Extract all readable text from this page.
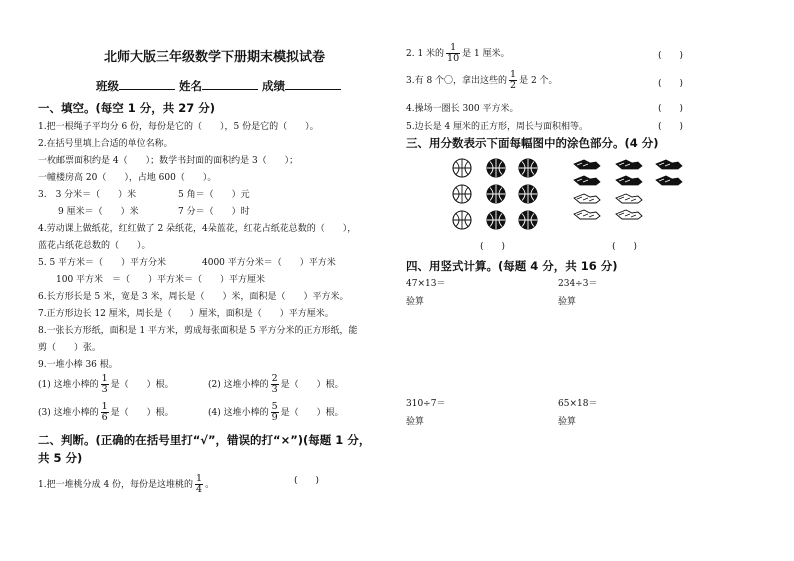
北师大版三年级数学下册期末模拟试卷
班级	姓名	成绩
一、填空。(每空 1 分，共 27 分)
1.把一根绳子平均分 6 份，每份是它的（　　），5 份是它的（　　）。
2.在括号里填上合适的单位名称。
一枚邮票面积约是 4（　　）；数学书封面的面积约是 3（　　）；
一幢楼房高 20（　　），占地 600（　　）。
3.　3 分米＝（　　）米	5 角＝（　　）元
9 厘米＝（　　）米	7 分＝（　　）时
4.劳动课上做纸花，红红做了 2 朵纸花，4朵蓝花，红花占纸花总数的（　　），
蓝花占纸花总数的（　　）。
5. 5 平方米＝（　　）平方分米	4000 平方分米＝（　　）平方米
100 平方米　＝（　　）平方米＝（　　）平方厘米
6.长方形长是 5 米，宽是 3 米，周长是（　　）米，面积是（　　）平方米。
7.正方形边长 12 厘米，周长是（　　）厘米，面积是（　　）平方厘米。
8.一张长方形纸，面积是 1 平方米，剪成每张面积是 5 平方分米的正方形纸，能
剪（　　）张。
9.一堆小棒 36 根。
(1) 这堆小棒的 $\frac{1}{3}$ 是（　　）根。	(2) 这堆小棒的 $\frac{2}{3}$ 是（　　）根。
(3) 这堆小棒的 $\frac{1}{6}$ 是（　　）根。	(4) 这堆小棒的 $\frac{5}{9}$ 是（　　）根。
二、判断。(正确的在括号里打“√”，错误的打“×”)(每题 1 分，
共 5 分)
1.把一堆桃分成 4 份，每份是这堆桃的 $\frac{1}{4}$ 。	(　　)
2. 1 米的 $\frac{1}{10}$ 是 1 厘米。	(　　)
3.有 8 个〇，拿出这些的 $\frac{1}{2}$ 是 2 个。	(　　)
4.操场一圈长 300 平方米。	(　　)
5.边长是 4 厘米的正方形，周长与面积相等。	(　　)
三、用分数表示下面每幅图中的涂色部分。(4 分)
(　　)	(　　)
四、用竖式计算。(每题 4 分，共 16 分)
47×13＝	234÷3＝
验算	验算
310÷7＝	65×18＝
验算	验算
